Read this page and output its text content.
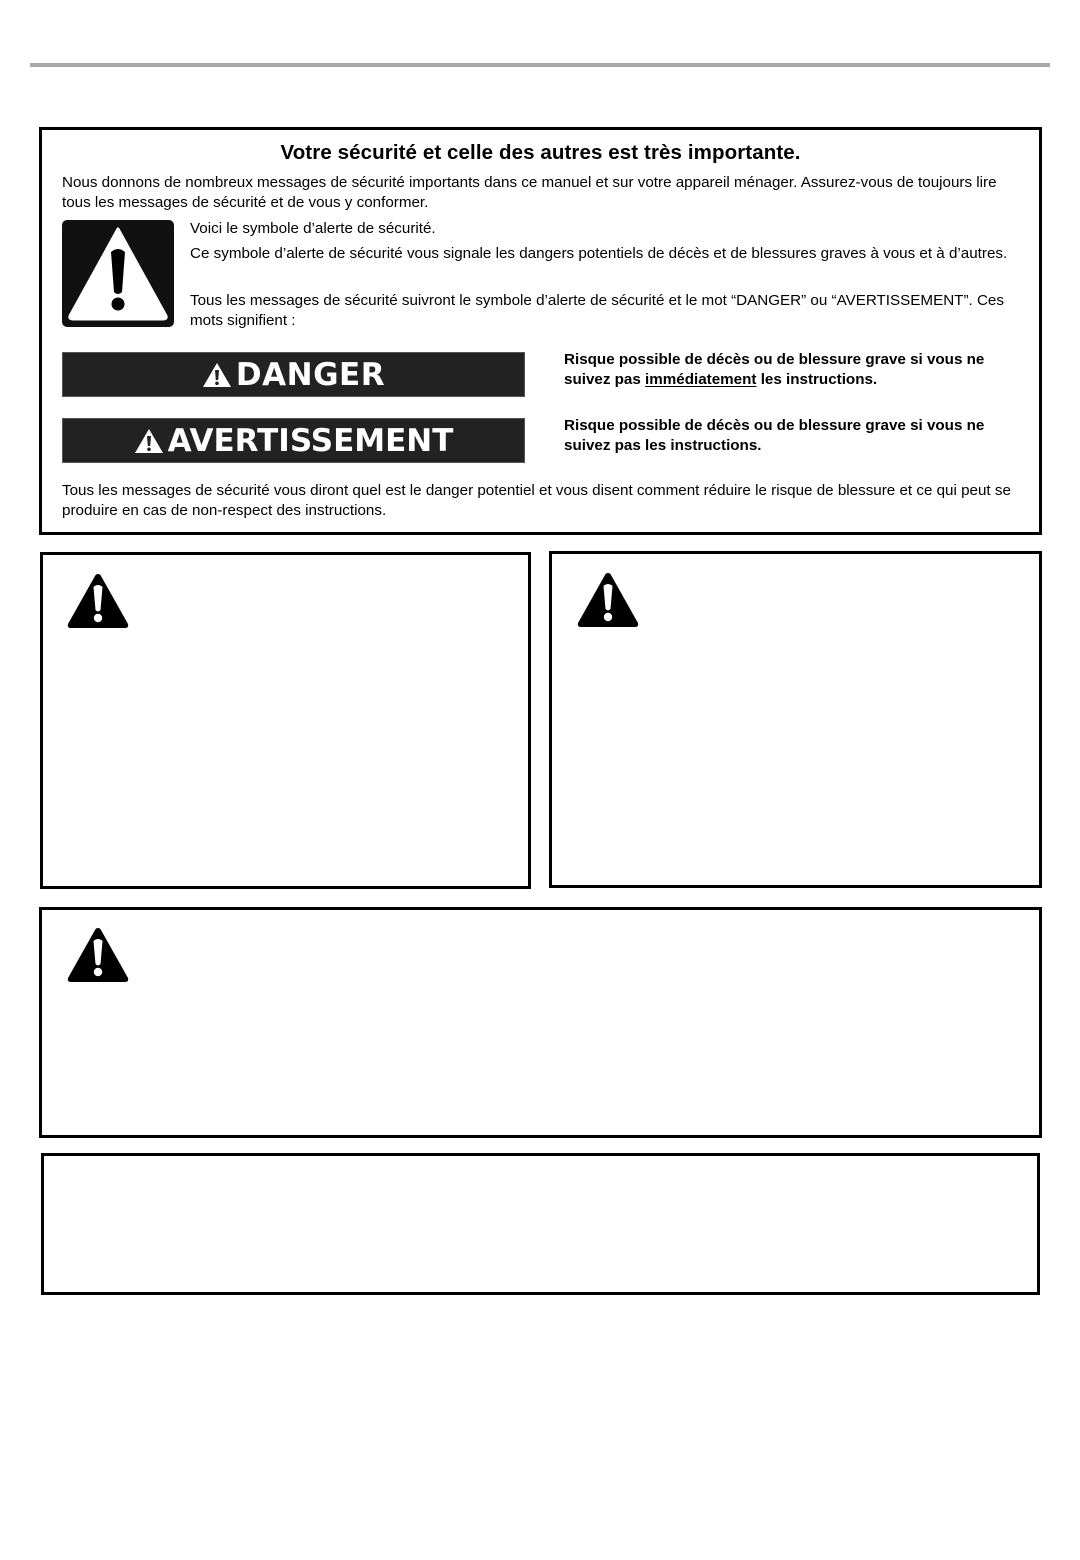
Votre sécurité et celle des autres est très importante.
Nous donnons de nombreux messages de sécurité importants dans ce manuel et sur votre appareil ménager. Assurez-vous de toujours lire tous les messages de sécurité et de vous y conformer.
Voici le symbole d’alerte de sécurité.
Ce symbole d’alerte de sécurité vous signale les dangers potentiels de décès et de blessures graves à vous et à d’autres.
Tous les messages de sécurité suivront le symbole d’alerte de sécurité et le mot “DANGER” ou “AVERTISSEMENT”. Ces mots signifient :
DANGER	Risque possible de décès ou de blessure grave si vous ne suivez pas immédiatement les instructions.
AVERTISSEMENT	Risque possible de décès ou de blessure grave si vous ne suivez pas les instructions.
Tous les messages de sécurité vous diront quel est le danger potentiel et vous disent comment réduire le risque de blessure et ce qui peut se produire en cas de non-respect des instructions.
